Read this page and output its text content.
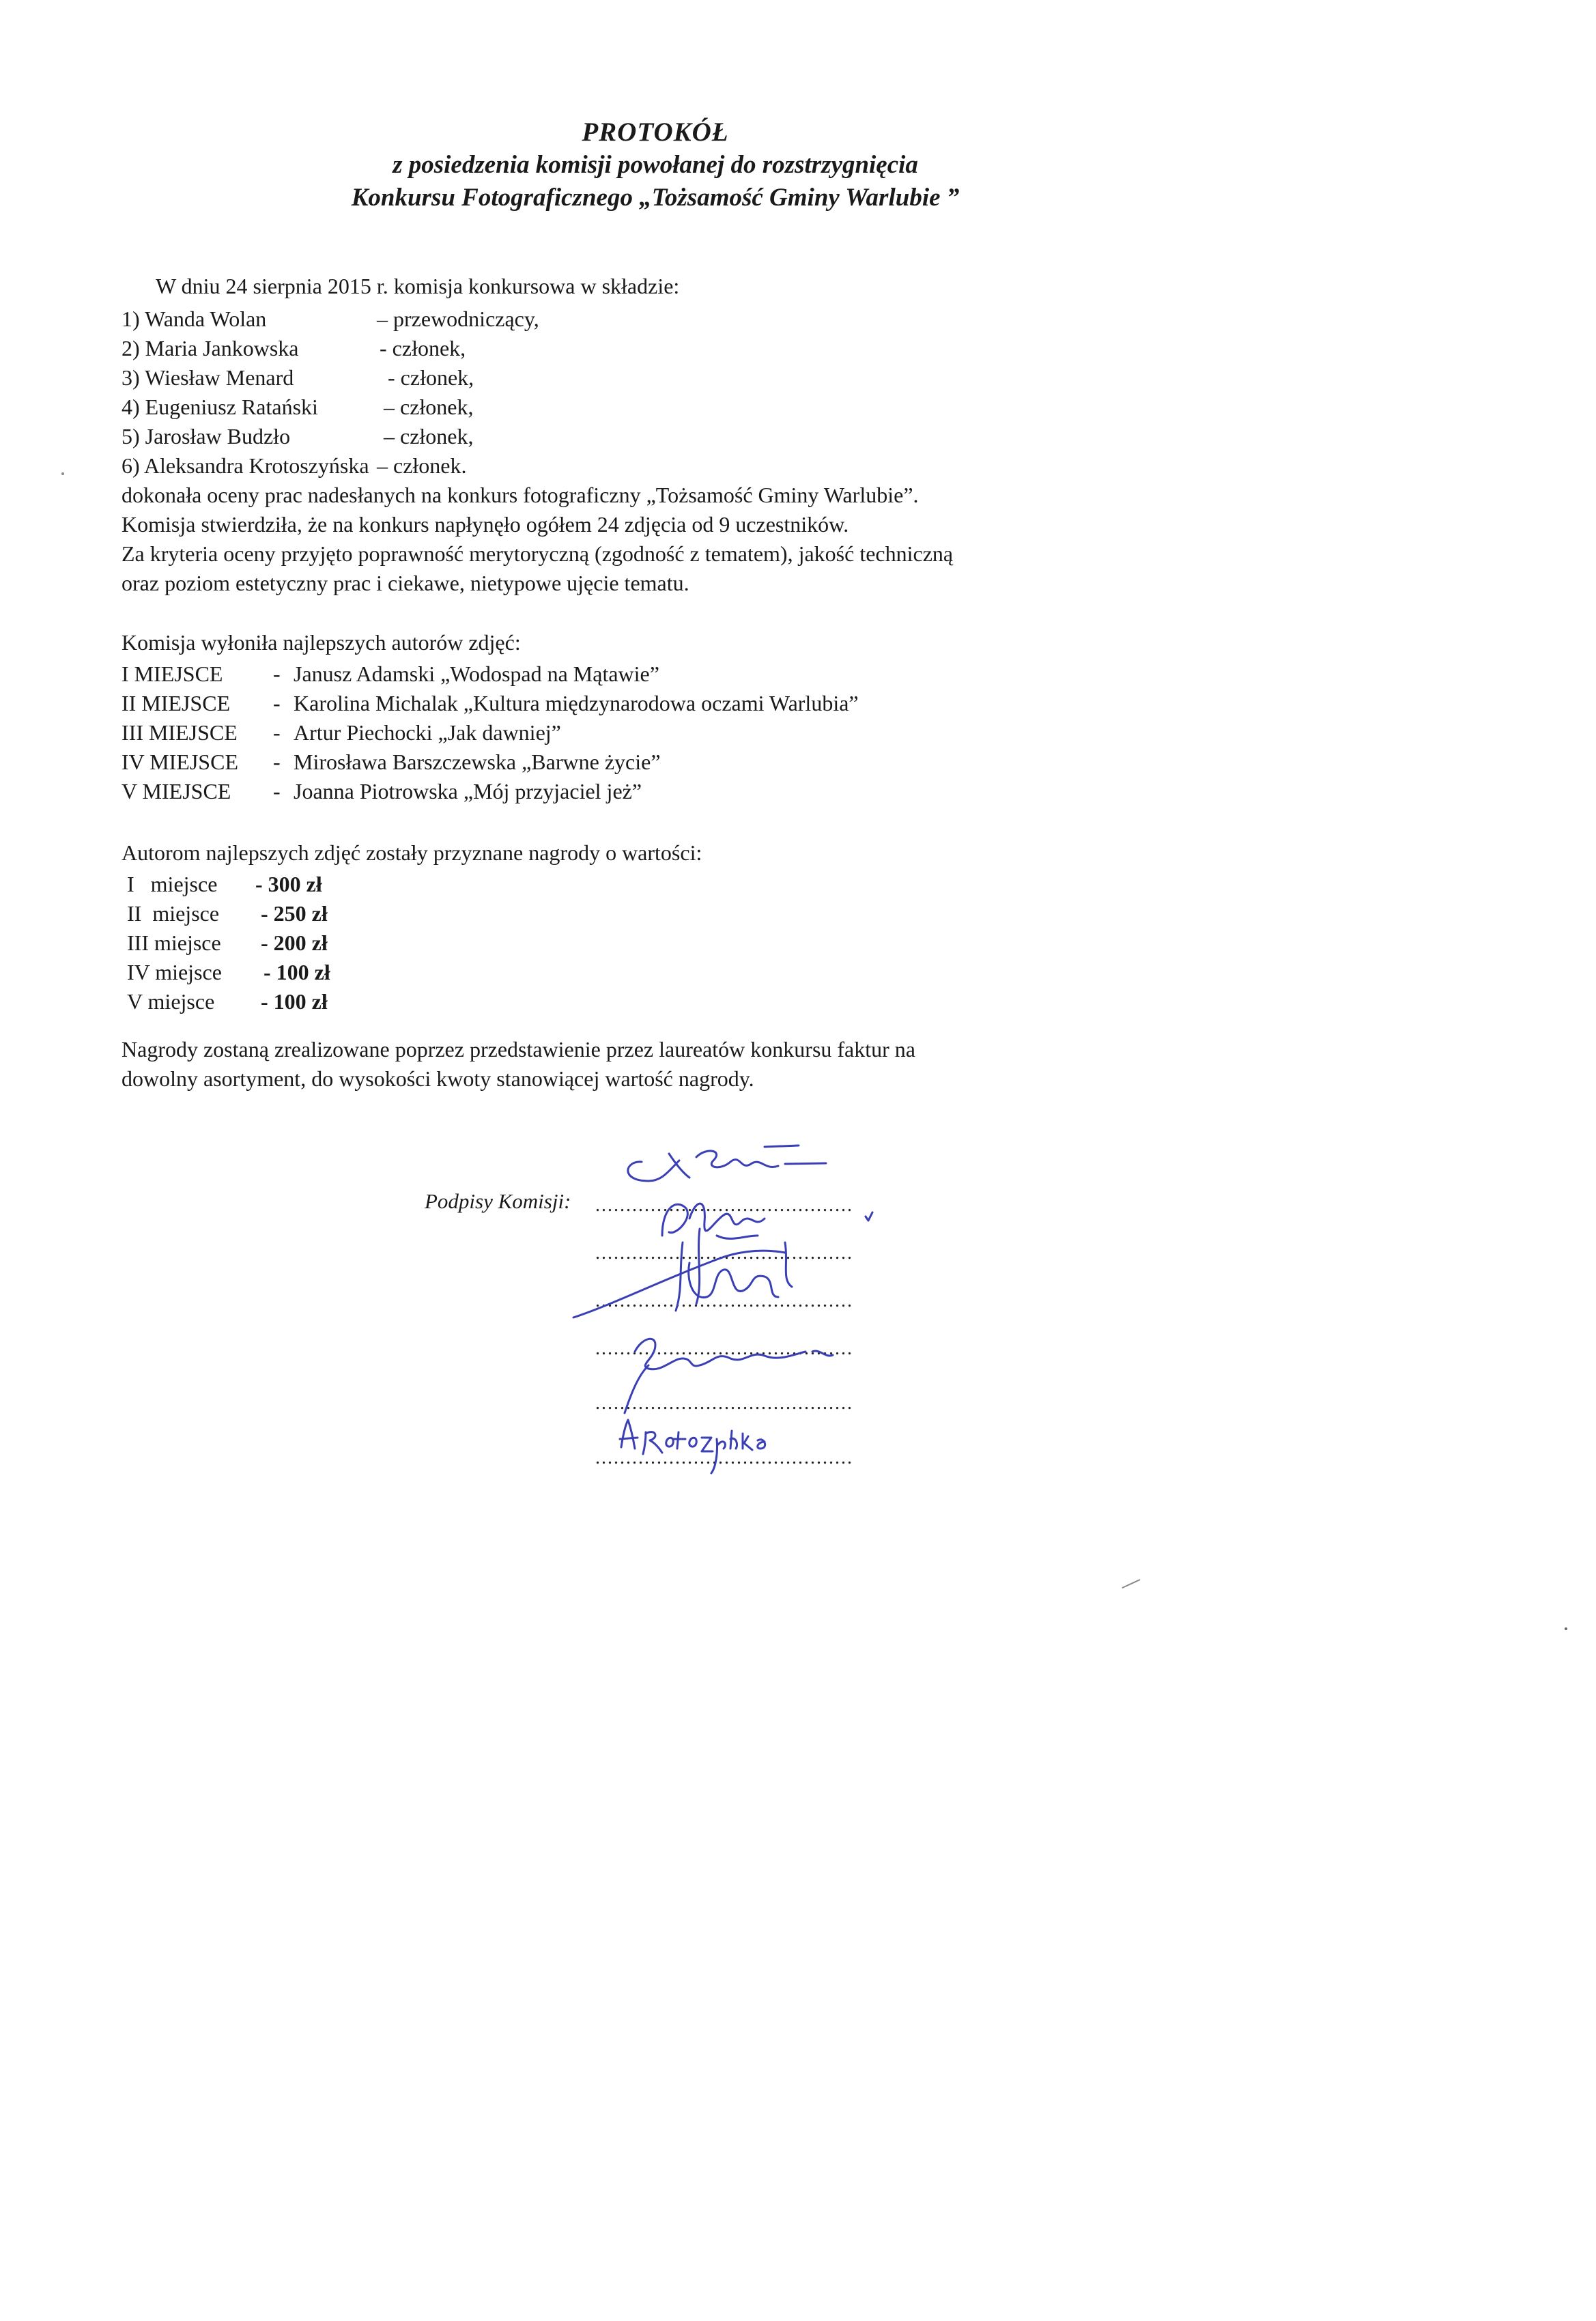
PROTOKÓŁ
z posiedzenia komisji powołanej do rozstrzygnięcia
Konkursu Fotograficznego „Tożsamość Gminy Warlubie ”
W dniu 24 sierpnia 2015 r. komisja konkursowa w składzie:
1) Wanda Wolan	– przewodniczący,
2) Maria Jankowska	- członek,
3) Wiesław Menard	- członek,
4) Eugeniusz Ratański	– członek,
5) Jarosław Budzło	– członek,
6) Aleksandra Krotoszyńska – członek.
dokonała oceny prac nadesłanych na konkurs fotograficzny „Tożsamość Gminy Warlubie”.
Komisja stwierdziła, że na konkurs napłynęło ogółem 24 zdjęcia od 9 uczestników.
Za kryteria oceny przyjęto poprawność merytoryczną (zgodność z tematem), jakość techniczną
oraz poziom estetyczny prac i ciekawe, nietypowe ujęcie tematu.
Komisja wyłoniła najlepszych autorów zdjęć:
I MIEJSCE - Janusz Adamski „Wodospad na Mątawie”
II MIEJSCE - Karolina Michalak „Kultura międzynarodowa oczami Warlubia”
III MIEJSCE - Artur Piechocki „Jak dawniej”
IV MIEJSCE - Mirosława Barszczewska „Barwne życie”
V MIEJSCE - Joanna Piotrowska „Mój przyjaciel jeż”
Autorom najlepszych zdjęć zostały przyznane nagrody o wartości:
I   miejsce - 300 zł
II  miejsce - 250 zł
III miejsce - 200 zł
IV miejsce - 100 zł
V miejsce - 100 zł
Nagrody zostaną zrealizowane poprzez przedstawienie przez laureatów konkursu faktur na
dowolny asortyment, do wysokości kwoty stanowiącej wartość nagrody.
Podpisy Komisji: ..........................................
..........................................
..........................................
..........................................
..........................................
..........................................
